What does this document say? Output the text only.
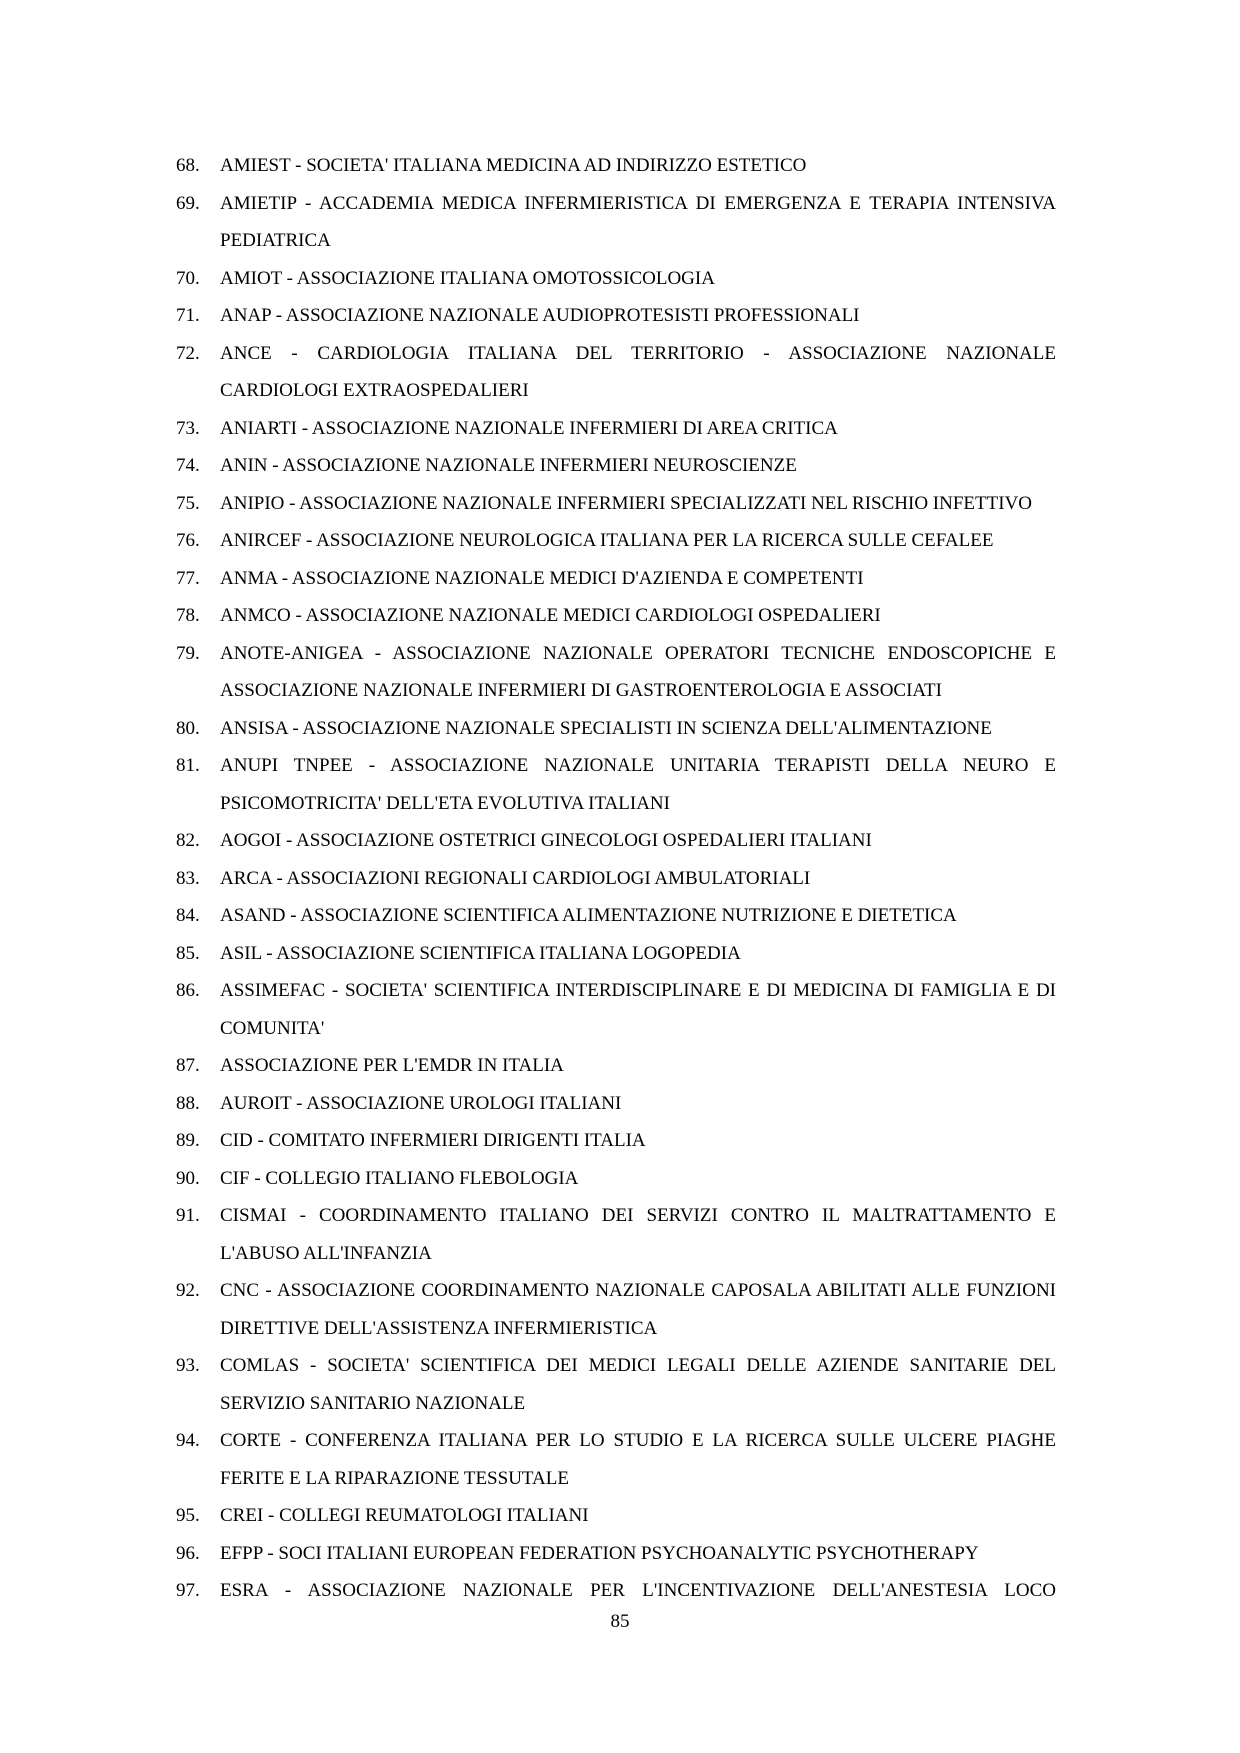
68.	AMIEST - SOCIETA' ITALIANA MEDICINA AD INDIRIZZO ESTETICO
69.	AMIETIP - ACCADEMIA MEDICA INFERMIERISTICA DI EMERGENZA E TERAPIA INTENSIVA PEDIATRICA
70.	AMIOT - ASSOCIAZIONE ITALIANA OMOTOSSICOLOGIA
71.	ANAP - ASSOCIAZIONE NAZIONALE AUDIOPROTESISTI PROFESSIONALI
72.	ANCE - CARDIOLOGIA ITALIANA DEL TERRITORIO - ASSOCIAZIONE NAZIONALE CARDIOLOGI EXTRAOSPEDALIERI
73.	ANIARTI - ASSOCIAZIONE NAZIONALE INFERMIERI DI AREA CRITICA
74.	ANIN - ASSOCIAZIONE NAZIONALE INFERMIERI NEUROSCIENZE
75.	ANIPIO - ASSOCIAZIONE NAZIONALE INFERMIERI SPECIALIZZATI NEL RISCHIO INFETTIVO
76.	ANIRCEF - ASSOCIAZIONE NEUROLOGICA ITALIANA PER LA RICERCA SULLE CEFALEE
77.	ANMA - ASSOCIAZIONE NAZIONALE MEDICI D'AZIENDA E COMPETENTI
78.	ANMCO - ASSOCIAZIONE NAZIONALE MEDICI CARDIOLOGI OSPEDALIERI
79.	ANOTE-ANIGEA - ASSOCIAZIONE NAZIONALE OPERATORI TECNICHE ENDOSCOPICHE E ASSOCIAZIONE NAZIONALE INFERMIERI DI GASTROENTEROLOGIA E ASSOCIATI
80.	ANSISA - ASSOCIAZIONE NAZIONALE SPECIALISTI IN SCIENZA DELL'ALIMENTAZIONE
81.	ANUPI TNPEE - ASSOCIAZIONE NAZIONALE UNITARIA TERAPISTI DELLA NEURO E PSICOMOTRICITA' DELL'ETA EVOLUTIVA ITALIANI
82.	AOGOI - ASSOCIAZIONE OSTETRICI GINECOLOGI OSPEDALIERI ITALIANI
83.	ARCA - ASSOCIAZIONI REGIONALI CARDIOLOGI AMBULATORIALI
84.	ASAND - ASSOCIAZIONE SCIENTIFICA ALIMENTAZIONE NUTRIZIONE E DIETETICA
85.	ASIL - ASSOCIAZIONE SCIENTIFICA ITALIANA LOGOPEDIA
86.	ASSIMEFAC - SOCIETA' SCIENTIFICA INTERDISCIPLINARE E DI MEDICINA DI FAMIGLIA E DI COMUNITA'
87.	ASSOCIAZIONE PER L'EMDR IN ITALIA
88.	AUROIT - ASSOCIAZIONE UROLOGI ITALIANI
89.	CID - COMITATO INFERMIERI DIRIGENTI ITALIA
90.	CIF - COLLEGIO ITALIANO FLEBOLOGIA
91.	CISMAI - COORDINAMENTO ITALIANO DEI SERVIZI CONTRO IL MALTRATTAMENTO E L'ABUSO ALL'INFANZIA
92.	CNC - ASSOCIAZIONE COORDINAMENTO NAZIONALE CAPOSALA ABILITATI ALLE FUNZIONI DIRETTIVE DELL'ASSISTENZA INFERMIERISTICA
93.	COMLAS - SOCIETA' SCIENTIFICA DEI MEDICI LEGALI DELLE AZIENDE SANITARIE DEL SERVIZIO SANITARIO NAZIONALE
94.	CORTE - CONFERENZA ITALIANA PER LO STUDIO E LA RICERCA SULLE ULCERE PIAGHE FERITE E LA RIPARAZIONE TESSUTALE
95.	CREI - COLLEGI REUMATOLOGI ITALIANI
96.	EFPP - SOCI ITALIANI EUROPEAN FEDERATION PSYCHOANALYTIC PSYCHOTHERAPY
97.	ESRA - ASSOCIAZIONE NAZIONALE PER L'INCENTIVAZIONE DELL'ANESTESIA LOCO
85
